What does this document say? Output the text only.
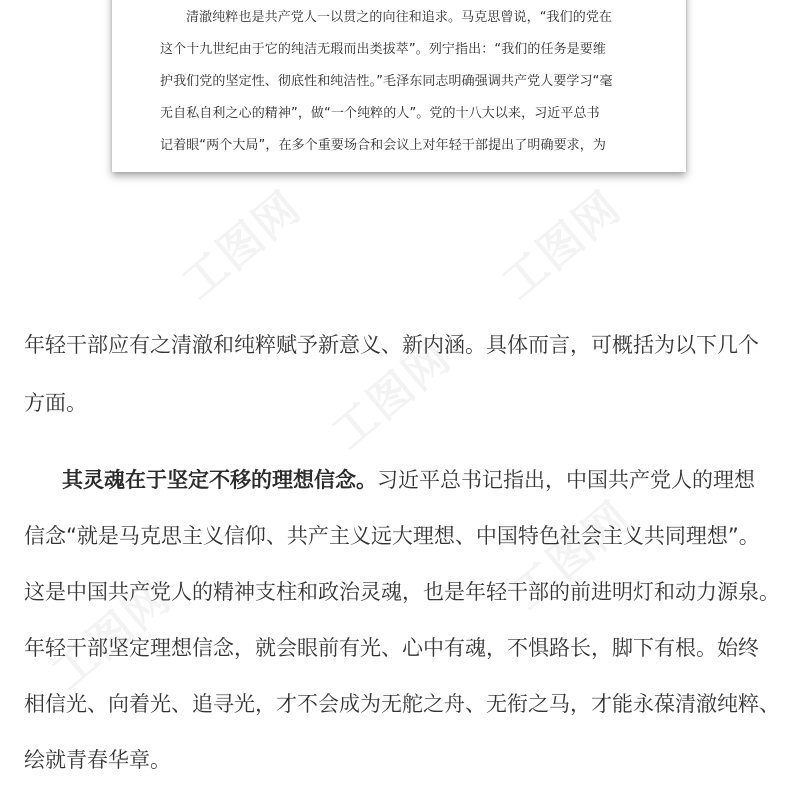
工图网	工图网
工图网
工图网
工图网
清澈纯粹也是共产党人一以贯之的向往和追求。马克思曾说，“我们的党在
这个十九世纪由于它的纯洁无瑕而出类拔萃”。列宁指出：“我们的任务是要维
护我们党的坚定性、彻底性和纯洁性。”毛泽东同志明确强调共产党人要学习“毫
无自私自利之心的精神”，做“一个纯粹的人”。党的十八大以来，习近平总书
记着眼“两个大局”，在多个重要场合和会议上对年轻干部提出了明确要求，为
年轻干部应有之清澈和纯粹赋予新意义、新内涵。具体而言，可概括为以下几个
方面。
其灵魂在于坚定不移的理想信念。习近平总书记指出，中国共产党人的理想
信念“就是马克思主义信仰、共产主义远大理想、中国特色社会主义共同理想”。
这是中国共产党人的精神支柱和政治灵魂，也是年轻干部的前进明灯和动力源泉。
年轻干部坚定理想信念，就会眼前有光、心中有魂，不惧路长，脚下有根。始终
相信光、向着光、追寻光，才不会成为无舵之舟、无衔之马，才能永葆清澈纯粹、
绘就青春华章。
